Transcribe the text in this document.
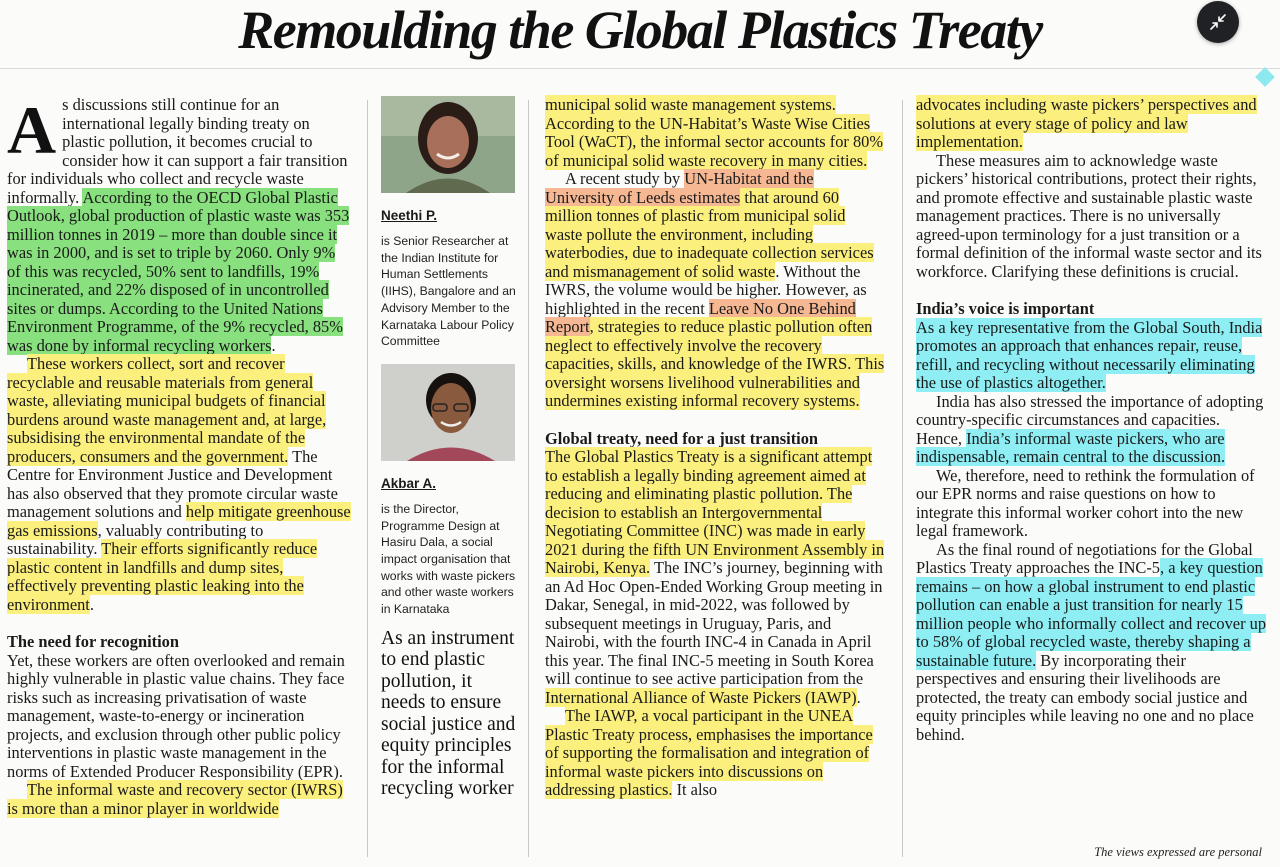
Remoulding the Global Plastics Treaty

As discussions still continue for an international legally binding treaty on plastic pollution, it becomes crucial to consider how it can support a fair transition for individuals who collect and recycle waste informally. According to the OECD Global Plastic Outlook, global production of plastic waste was 353 million tonnes in 2019 – more than double since it was in 2000, and is set to triple by 2060. Only 9% of this was recycled, 50% sent to landfills, 19% incinerated, and 22% disposed of in uncontrolled sites or dumps. According to the United Nations Environment Programme, of the 9% recycled, 85% was done by informal recycling workers.

These workers collect, sort and recover recyclable and reusable materials from general waste, alleviating municipal budgets of financial burdens around waste management and, at large, subsidising the environmental mandate of the producers, consumers and the government. The Centre for Environment Justice and Development has also observed that they promote circular waste management solutions and help mitigate greenhouse gas emissions, valuably contributing to sustainability. Their efforts significantly reduce plastic content in landfills and dump sites, effectively preventing plastic leaking into the environment.

The need for recognition

Yet, these workers are often overlooked and remain highly vulnerable in plastic value chains. They face risks such as increasing privatisation of waste management, waste-to-energy or incineration projects, and exclusion through other public policy interventions in plastic waste management in the norms of Extended Producer Responsibility (EPR).

The informal waste and recovery sector (IWRS) is more than a minor player in worldwide

Neethi P.
is Senior Researcher at the Indian Institute for Human Settlements (IIHS), Bangalore and an Advisory Member to the Karnataka Labour Policy Committee
Akbar A.
is the Director, Programme Design at Hasiru Dala, a social impact organisation that works with waste pickers and other waste workers in Karnataka
As an instrument to end plastic pollution, it needs to ensure social justice and equity principles for the informal recycling worker

municipal solid waste management systems. According to the UN-Habitat’s Waste Wise Cities Tool (WaCT), the informal sector accounts for 80% of municipal solid waste recovery in many cities.

A recent study by UN-Habitat and the University of Leeds estimates that around 60 million tonnes of plastic from municipal solid waste pollute the environment, including waterbodies, due to inadequate collection services and mismanagement of solid waste. Without the IWRS, the volume would be higher. However, as highlighted in the recent Leave No One Behind Report, strategies to reduce plastic pollution often neglect to effectively involve the recovery capacities, skills, and knowledge of the IWRS. This oversight worsens livelihood vulnerabilities and undermines existing informal recovery systems.

Global treaty, need for a just transition

The Global Plastics Treaty is a significant attempt to establish a legally binding agreement aimed at reducing and eliminating plastic pollution. The decision to establish an Intergovernmental Negotiating Committee (INC) was made in early 2021 during the fifth UN Environment Assembly in Nairobi, Kenya. The INC’s journey, beginning with an Ad Hoc Open-Ended Working Group meeting in Dakar, Senegal, in mid-2022, was followed by subsequent meetings in Uruguay, Paris, and Nairobi, with the fourth INC-4 in Canada in April this year. The final INC-5 meeting in South Korea will continue to see active participation from the International Alliance of Waste Pickers (IAWP).

The IAWP, a vocal participant in the UNEA Plastic Treaty process, emphasises the importance of supporting the formalisation and integration of informal waste pickers into discussions on addressing plastics. It also

advocates including waste pickers’ perspectives and solutions at every stage of policy and law implementation.

These measures aim to acknowledge waste pickers’ historical contributions, protect their rights, and promote effective and sustainable plastic waste management practices. There is no universally agreed-upon terminology for a just transition or a formal definition of the informal waste sector and its workforce. Clarifying these definitions is crucial.

India’s voice is important

As a key representative from the Global South, India promotes an approach that enhances repair, reuse, refill, and recycling without necessarily eliminating the use of plastics altogether.

India has also stressed the importance of adopting country-specific circumstances and capacities. Hence, India’s informal waste pickers, who are indispensable, remain central to the discussion.

We, therefore, need to rethink the formulation of our EPR norms and raise questions on how to integrate this informal worker cohort into the new legal framework.

As the final round of negotiations for the Global Plastics Treaty approaches the INC-5, a key question remains – on how a global instrument to end plastic pollution can enable a just transition for nearly 15 million people who informally collect and recover up to 58% of global recycled waste, thereby shaping a sustainable future. By incorporating their perspectives and ensuring their livelihoods are protected, the treaty can embody social justice and equity principles while leaving no one and no place behind.

The views expressed are personal
